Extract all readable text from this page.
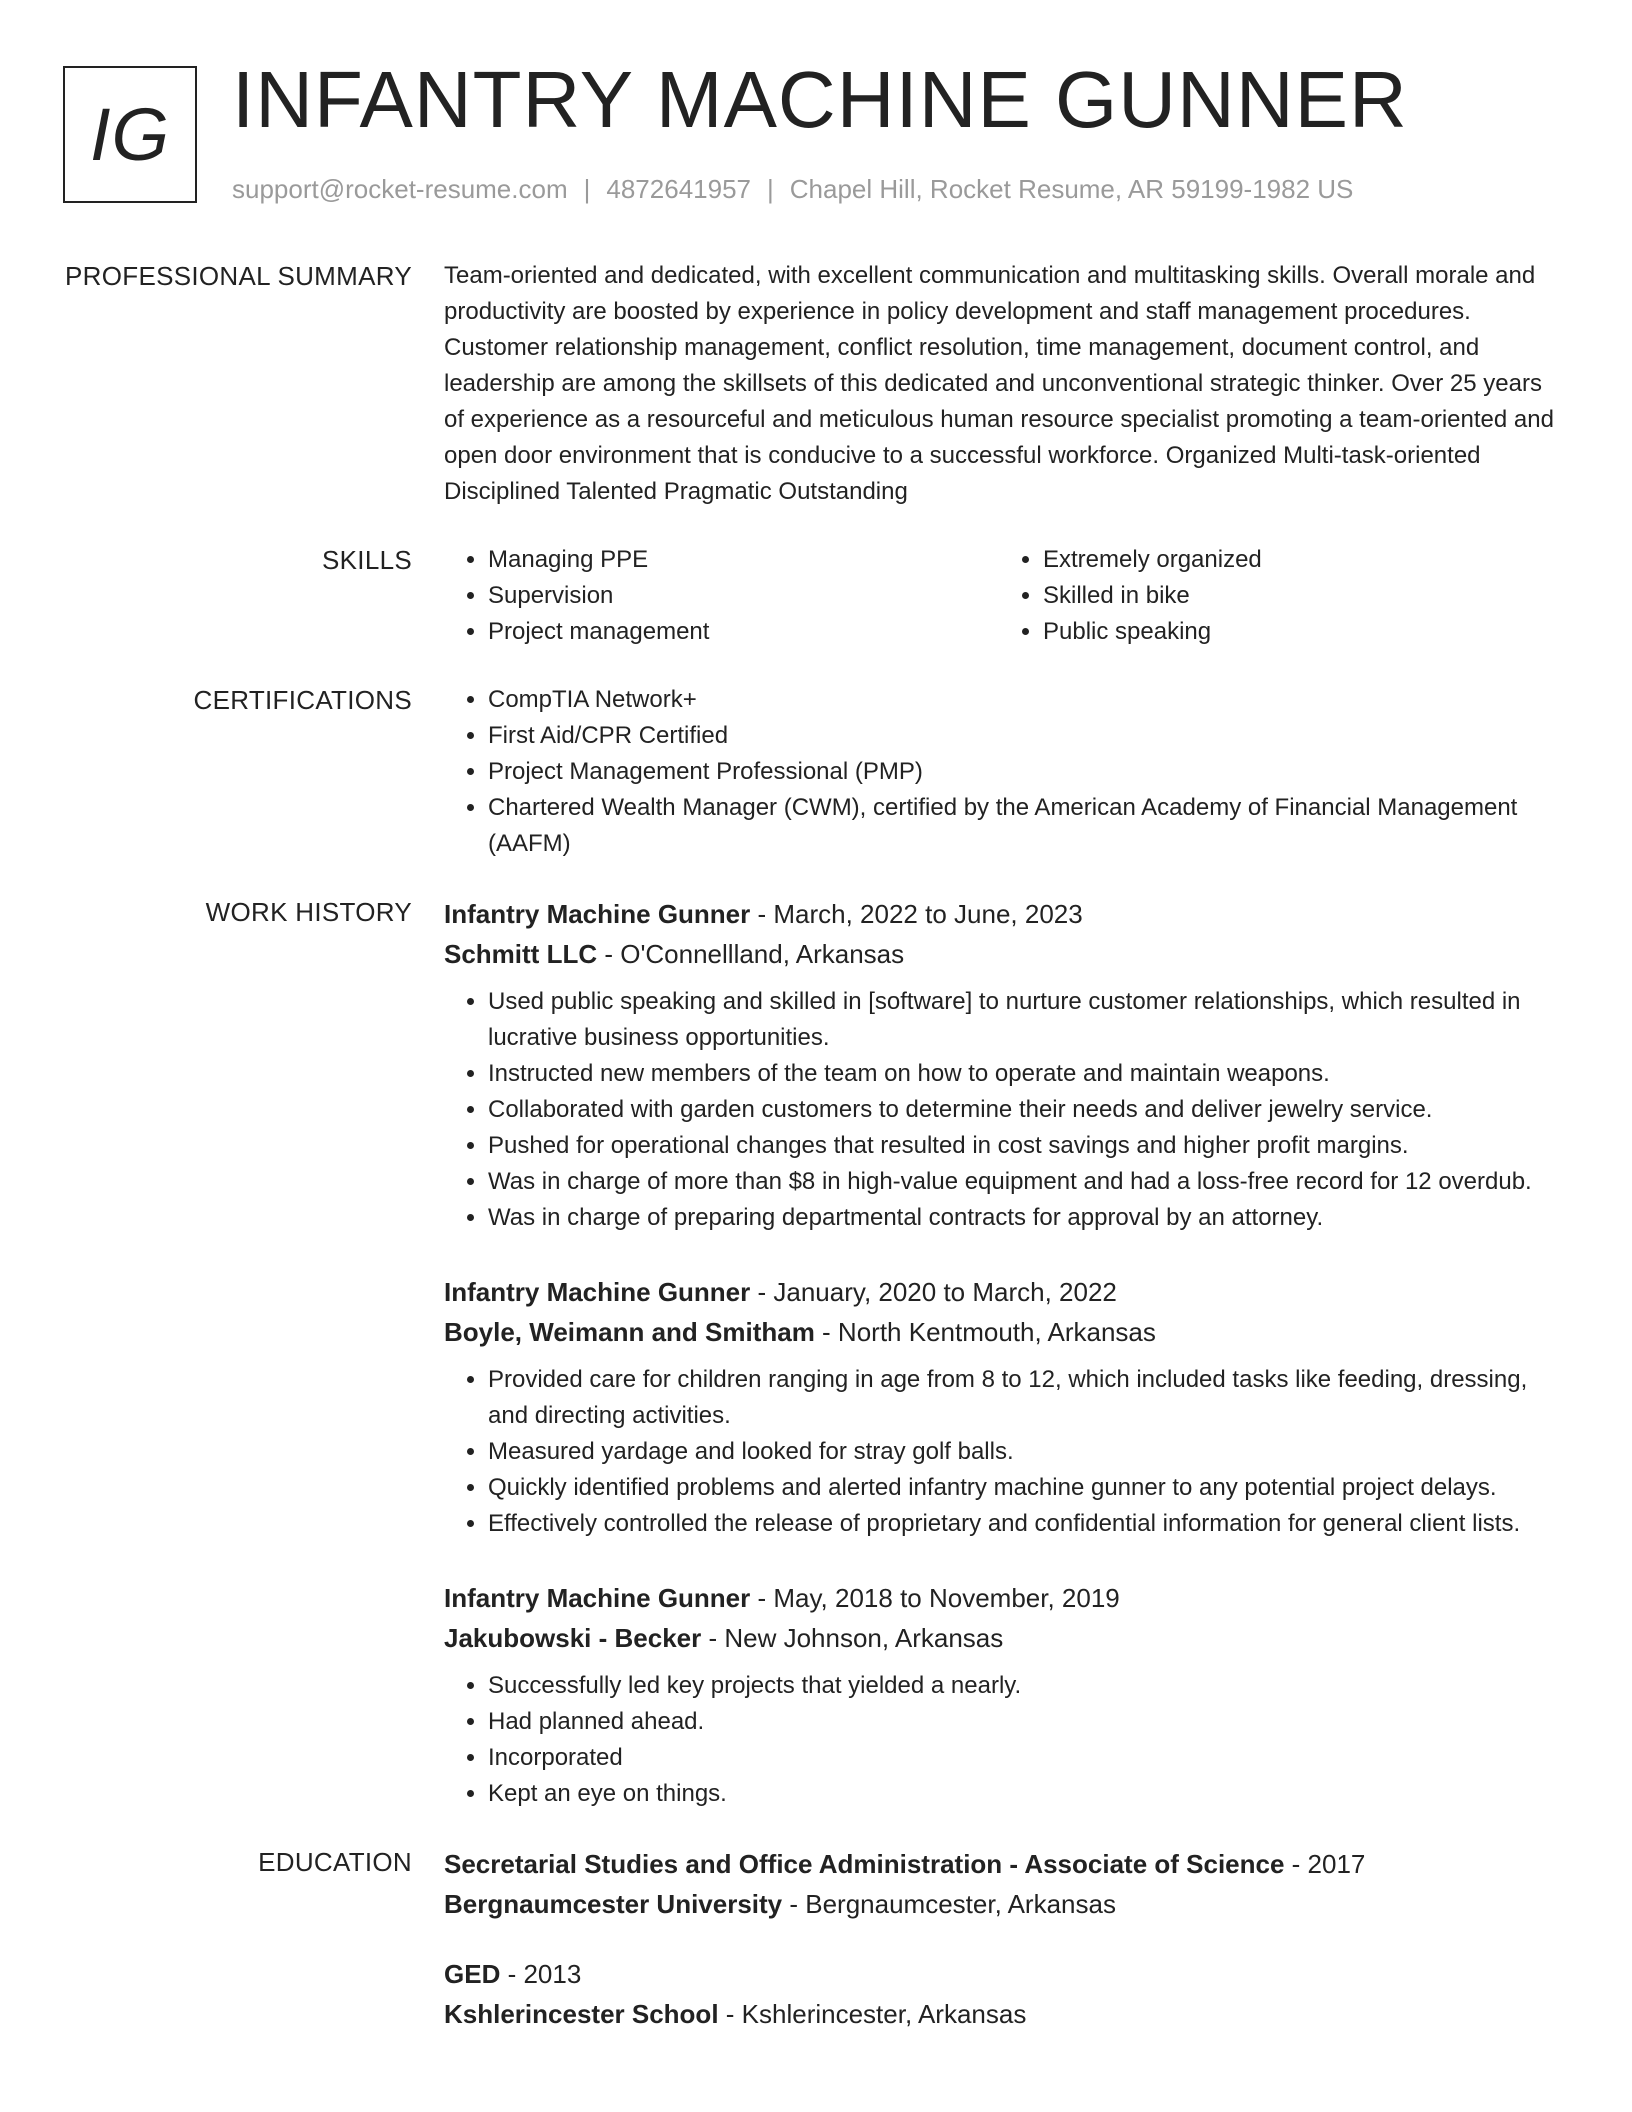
IG INFANTRY MACHINE GUNNER
support@rocket-resume.com | 4872641957 | Chapel Hill, Rocket Resume, AR 59199-1982 US
PROFESSIONAL SUMMARY Team-oriented and dedicated, with excellent communication and multitasking skills. Overall morale and productivity are boosted by experience in policy development and staff management procedures. Customer relationship management, conflict resolution, time management, document control, and leadership are among the skillsets of this dedicated and unconventional strategic thinker. Over 25 years of experience as a resourceful and meticulous human resource specialist promoting a team-oriented and open door environment that is conducive to a successful workforce. Organized Multi-task-oriented Disciplined Talented Pragmatic Outstanding

SKILLS	• Managing PPE
• Supervision
• Project management
• Extremely organized
• Skilled in bike
• Public speaking
CERTIFICATIONS	• CompTIA Network+
• First Aid/CPR Certified
• Project Management Professional (PMP)
• Chartered Wealth Manager (CWM), certified by the American Academy of Financial Management (AAFM)
WORK HISTORY Infantry Machine Gunner - March, 2022 to June, 2023
Schmitt LLC - O'Connellland, Arkansas
• Used public speaking and skilled in [software] to nurture customer relationships, which resulted in lucrative business opportunities.
• Instructed new members of the team on how to operate and maintain weapons.
• Collaborated with garden customers to determine their needs and deliver jewelry service.
• Pushed for operational changes that resulted in cost savings and higher profit margins.
• Was in charge of more than $8 in high-value equipment and had a loss-free record for 12 overdub.
• Was in charge of preparing departmental contracts for approval by an attorney.
Infantry Machine Gunner - January, 2020 to March, 2022
Boyle, Weimann and Smitham - North Kentmouth, Arkansas
• Provided care for children ranging in age from 8 to 12, which included tasks like feeding, dressing, and directing activities.
• Measured yardage and looked for stray golf balls.
• Quickly identified problems and alerted infantry machine gunner to any potential project delays.
• Effectively controlled the release of proprietary and confidential information for general client lists.
Infantry Machine Gunner - May, 2018 to November, 2019
Jakubowski - Becker - New Johnson, Arkansas
• Successfully led key projects that yielded a nearly.
• Had planned ahead.
• Incorporated
• Kept an eye on things.
EDUCATION Secretarial Studies and Office Administration - Associate of Science - 2017
Bergnaumcester University - Bergnaumcester, Arkansas
GED - 2013
Kshlerincester School - Kshlerincester, Arkansas
